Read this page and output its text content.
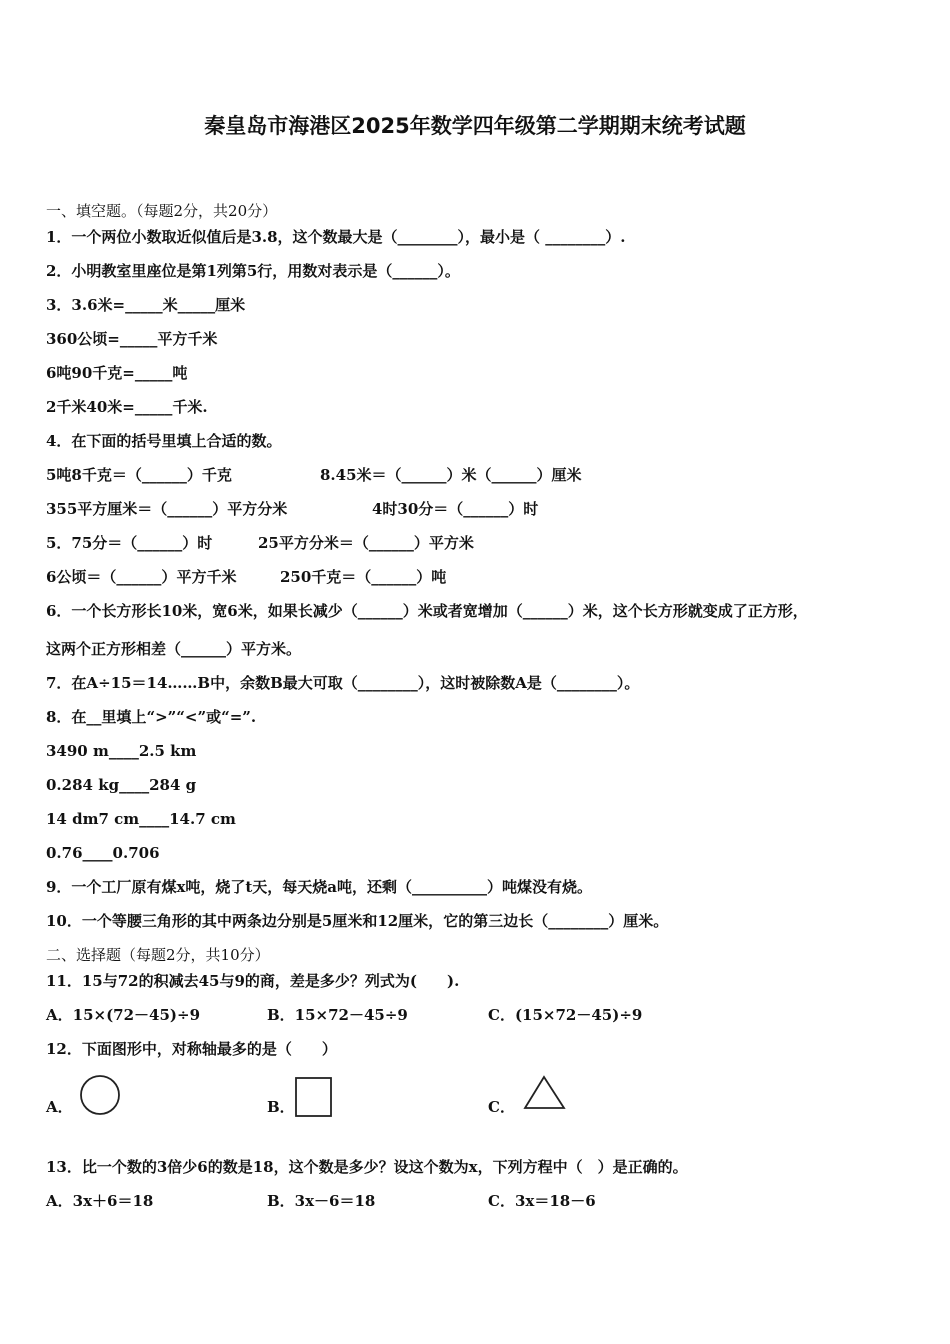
秦皇岛市海港区2025年数学四年级第二学期期末统考试题
一、填空题。（每题2分，共20分）
1．一个两位小数取近似值后是3.8，这个数最大是（________），最小是（ ________）.
2．小明教室里座位是第1列第5行，用数对表示是（______）。
3．3.6米=_____米_____厘米
360公顷=_____平方千米
6吨90千克=_____吨
2千米40米=_____千米.
4．在下面的括号里填上合适的数。
5吨8千克＝（______）千克	8.45米＝（______）米（______）厘米
355平方厘米＝（______）平方分米	4时30分＝（______）时
5．75分＝（______）时	25平方分米＝（______）平方米
6公顷＝（______）平方千米	250千克＝（______）吨
6．一个长方形长10米，宽6米，如果长减少（______）米或者宽增加（______）米，这个长方形就变成了正方形，
这两个正方形相差（______）平方米。
7．在A÷15＝14……B中，余数B最大可取（________），这时被除数A是（________）。
8．在__里填上“>”“<”或“=”.
3490 m____2.5 km
0.284 kg____284 g
14 dm7 cm____14.7 cm
0.76____0.706
9．一个工厂原有煤x吨，烧了t天，每天烧a吨，还剩（__________）吨煤没有烧。
10．一个等腰三角形的其中两条边分别是5厘米和12厘米，它的第三边长（________）厘米。
二、选择题（每题2分，共10分）
11．15与72的积减去45与9的商，差是多少？列式为(　　).
A．15×(72－45)÷9	B．15×72－45÷9	C．(15×72－45)÷9
12．下面图形中，对称轴最多的是（　　）
A．	B．	C．
13．比一个数的3倍少6的数是18，这个数是多少？设这个数为x，下列方程中（　）是正确的。
A．3x＋6＝18	B．3x－6＝18	C．3x＝18－6
